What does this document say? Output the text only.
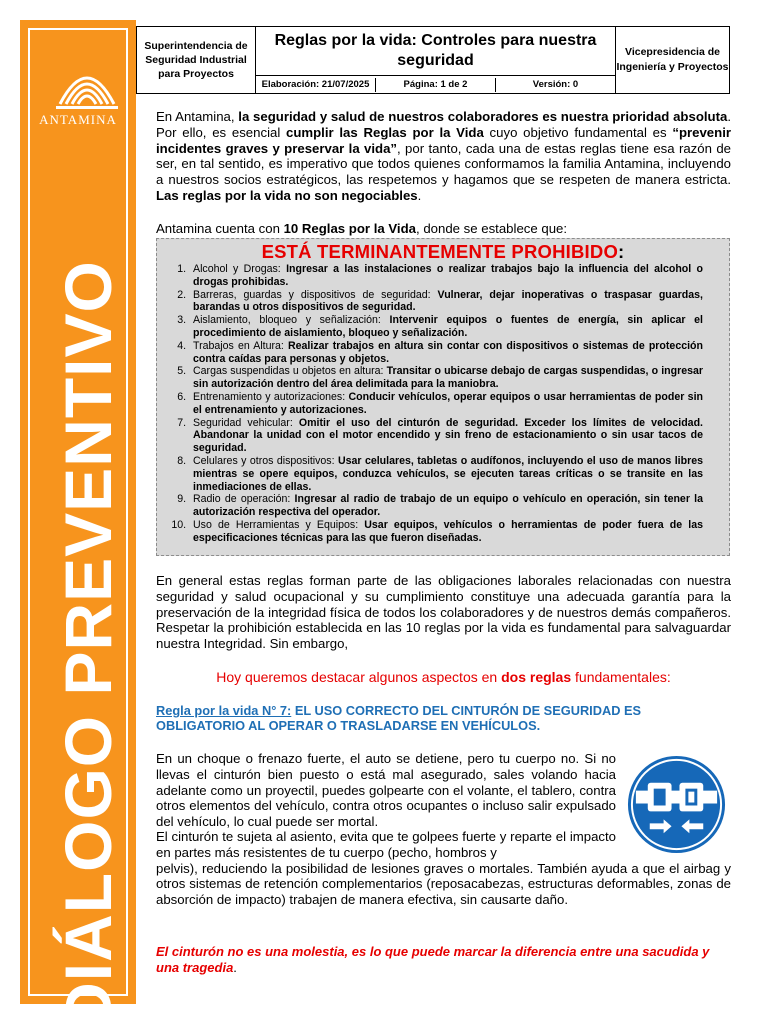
ANTAMINA
DIÁLOGO PREVENTIVO
Superintendencia de Seguridad Industrial para Proyectos	Reglas por la vida: Controles para nuestra seguridad	Vicepresidencia de Ingeniería y Proyectos

Elaboración: 21/07/2025	Página: 1 de 2	Versión: 0
En Antamina, la seguridad y salud de nuestros colaboradores es nuestra prioridad absoluta. Por ello, es esencial cumplir las Reglas por la Vida cuyo objetivo fundamental es “prevenir incidentes graves y preservar la vida”, por tanto, cada una de estas reglas tiene esa razón de ser, en tal sentido, es imperativo que todos quienes conformamos la familia Antamina, incluyendo a nuestros socios estratégicos, las respetemos y hagamos que se respeten de manera estricta. Las reglas por la vida no son negociables.
Antamina cuenta con 10 Reglas por la Vida, donde se establece que:
ESTÁ TERMINANTEMENTE PROHIBIDO:
1. Alcohol y Drogas: Ingresar a las instalaciones o realizar trabajos bajo la influencia del alcohol o drogas prohibidas.
2. Barreras, guardas y dispositivos de seguridad: Vulnerar, dejar inoperativas o traspasar guardas, barandas u otros dispositivos de seguridad.
3. Aislamiento, bloqueo y señalización: Intervenir equipos o fuentes de energía, sin aplicar el procedimiento de aislamiento, bloqueo y señalización.
4. Trabajos en Altura: Realizar trabajos en altura sin contar con dispositivos o sistemas de protección contra caídas para personas y objetos.
5. Cargas suspendidas u objetos en altura: Transitar o ubicarse debajo de cargas suspendidas, o ingresar sin autorización dentro del área delimitada para la maniobra.
6. Entrenamiento y autorizaciones: Conducir vehículos, operar equipos o usar herramientas de poder sin el entrenamiento y autorizaciones.
7. Seguridad vehicular: Omitir el uso del cinturón de seguridad. Exceder los límites de velocidad. Abandonar la unidad con el motor encendido y sin freno de estacionamiento o sin usar tacos de seguridad.
8. Celulares y otros dispositivos: Usar celulares, tabletas o audífonos, incluyendo el uso de manos libres mientras se opere equipos, conduzca vehículos, se ejecuten tareas críticas o se transite en las inmediaciones de ellas.
9. Radio de operación: Ingresar al radio de trabajo de un equipo o vehículo en operación, sin tener la autorización respectiva del operador.
10. Uso de Herramientas y Equipos: Usar equipos, vehículos o herramientas de poder fuera de las especificaciones técnicas para las que fueron diseñadas.
En general estas reglas forman parte de las obligaciones laborales relacionadas con nuestra seguridad y salud ocupacional y su cumplimiento constituye una adecuada garantía para la preservación de la integridad física de todos los colaboradores y de nuestros demás compañeros. Respetar la prohibición establecida en las 10 reglas por la vida es fundamental para salvaguardar nuestra Integridad. Sin embargo,
Hoy queremos destacar algunos aspectos en dos reglas fundamentales:
Regla por la vida N° 7: EL USO CORRECTO DEL CINTURÓN DE SEGURIDAD ES OBLIGATORIO AL OPERAR O TRASLADARSE EN VEHÍCULOS.
En un choque o frenazo fuerte, el auto se detiene, pero tu cuerpo no. Si no llevas el cinturón bien puesto o está mal asegurado, sales volando hacia adelante como un proyectil, puedes golpearte con el volante, el tablero, contra otros elementos del vehículo, contra otros ocupantes o incluso salir expulsado del vehículo, lo cual puede ser mortal.
El cinturón te sujeta al asiento, evita que te golpees fuerte y reparte el impacto en partes más resistentes de tu cuerpo (pecho, hombros y
pelvis), reduciendo la posibilidad de lesiones graves o mortales. También ayuda a que el airbag y otros sistemas de retención complementarios (reposacabezas, estructuras deformables, zonas de absorción de impacto) trabajen de manera efectiva, sin causarte daño.
El cinturón no es una molestia, es lo que puede marcar la diferencia entre una sacudida y una tragedia.
